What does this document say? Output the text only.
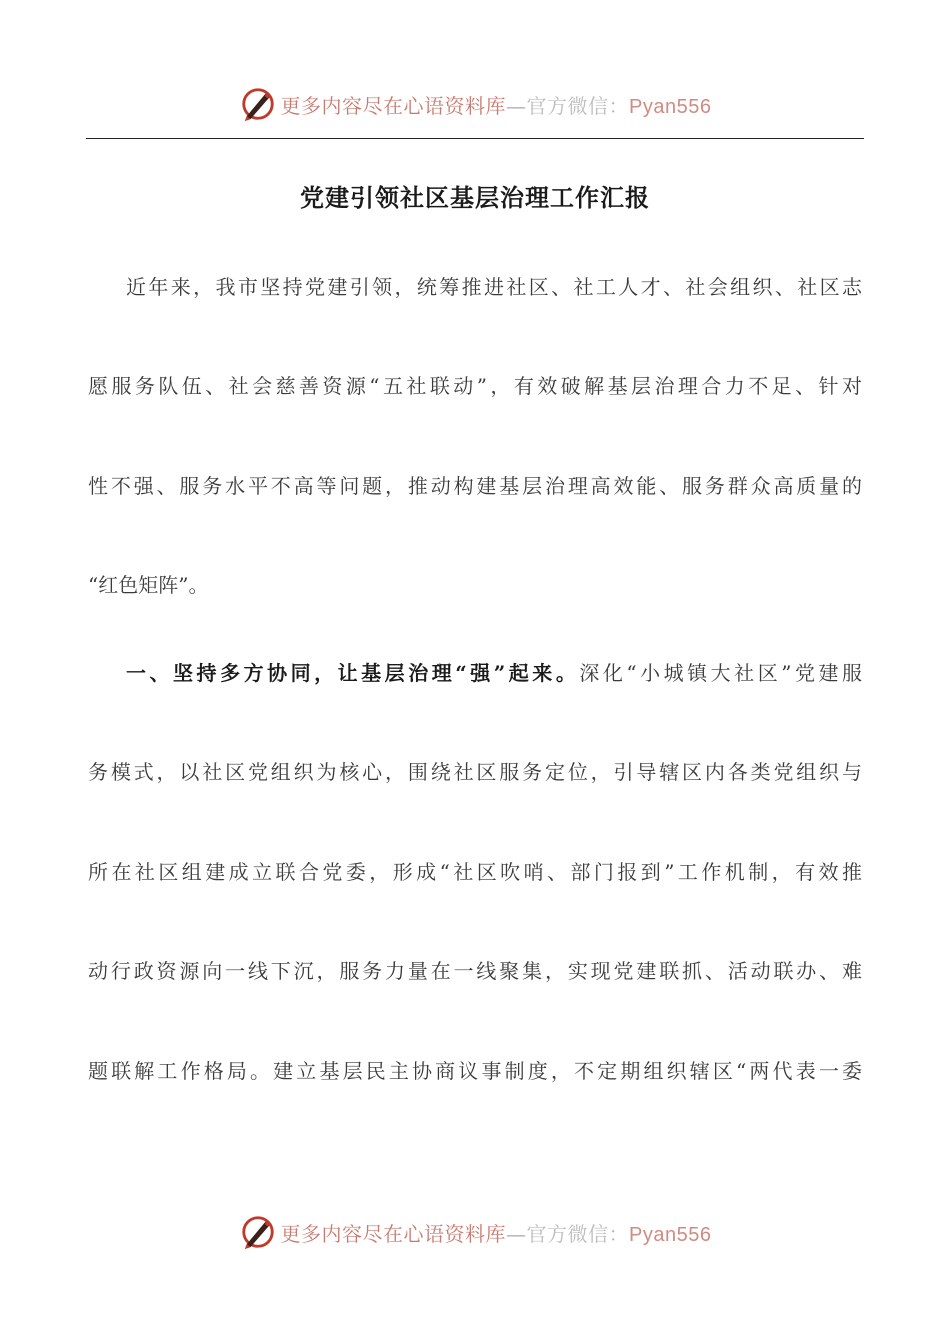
更多内容尽在心语资料库—官方微信：Pyan556
党建引领社区基层治理工作汇报
近年来，我市坚持党建引领，统筹推进社区、社工人才、社会组织、社区志
愿服务队伍、社会慈善资源“五社联动”，有效破解基层治理合力不足、针对
性不强、服务水平不高等问题，推动构建基层治理高效能、服务群众高质量的
“红色矩阵”。
一、坚持多方协同，让基层治理“强”起来。深化“小城镇大社区”党建服
务模式，以社区党组织为核心，围绕社区服务定位，引导辖区内各类党组织与
所在社区组建成立联合党委，形成“社区吹哨、部门报到”工作机制，有效推
动行政资源向一线下沉，服务力量在一线聚集，实现党建联抓、活动联办、难
题联解工作格局。建立基层民主协商议事制度，不定期组织辖区“两代表一委
更多内容尽在心语资料库—官方微信：Pyan556
